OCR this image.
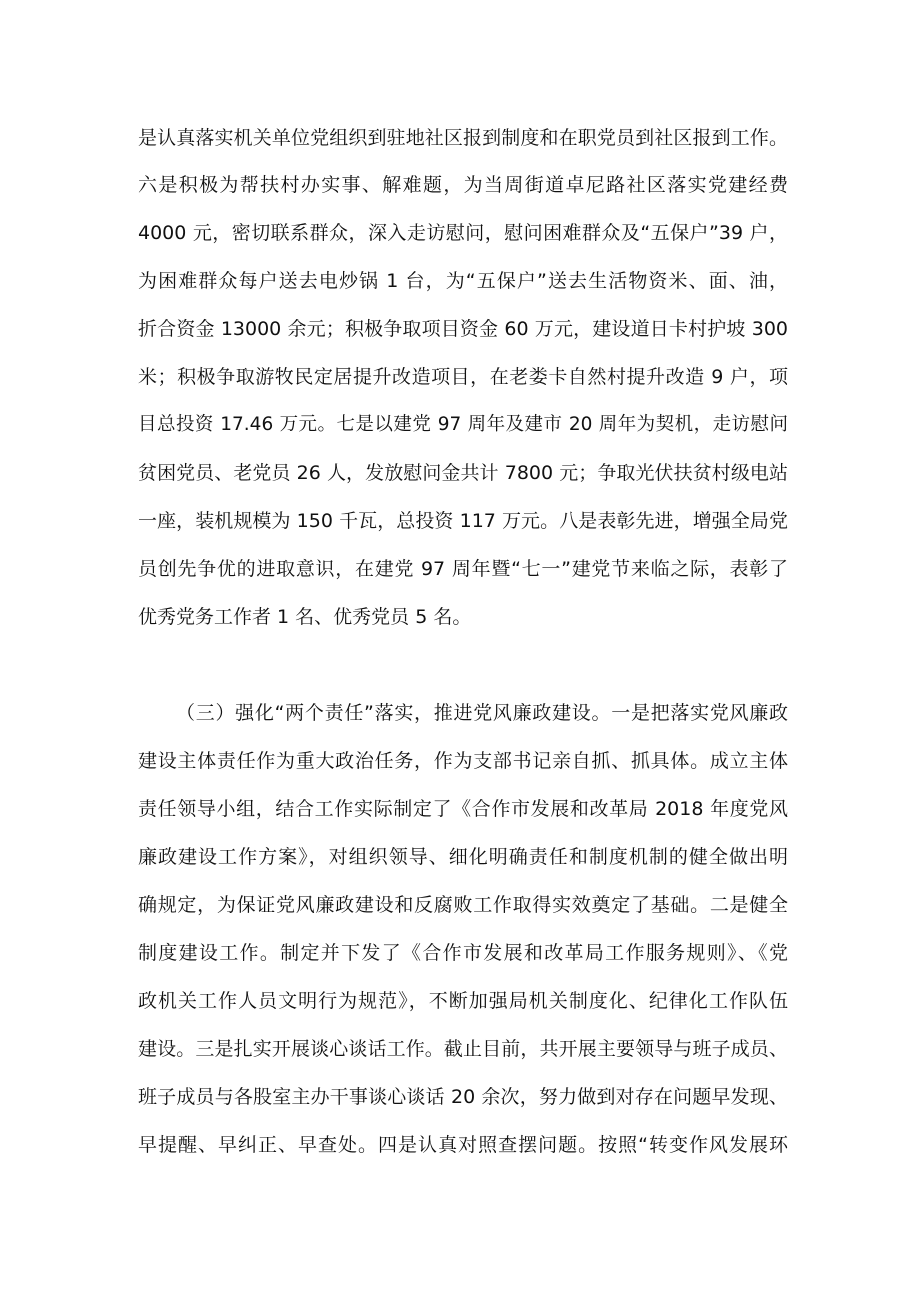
是认真落实机关单位党组织到驻地社区报到制度和在职党员到社区报到工作。
六是积极为帮扶村办实事、解难题，为当周街道卓尼路社区落实党建经费
4000 元，密切联系群众，深入走访慰问，慰问困难群众及“五保户”39 户，
为困难群众每户送去电炒锅 1 台，为“五保户”送去生活物资米、面、油，
折合资金 13000 余元；积极争取项目资金 60 万元，建设道日卡村护坡 300
米；积极争取游牧民定居提升改造项目，在老娄卡自然村提升改造 9 户，项
目总投资 17.46 万元。七是以建党 97 周年及建市 20 周年为契机，走访慰问
贫困党员、老党员 26 人，发放慰问金共计 7800 元；争取光伏扶贫村级电站
一座，装机规模为 150 千瓦，总投资 117 万元。八是表彰先进，增强全局党
员创先争优的进取意识，在建党 97 周年暨“七一”建党节来临之际，表彰了
优秀党务工作者 1 名、优秀党员 5 名。
（三）强化“两个责任”落实，推进党风廉政建设。一是把落实党风廉政
建设主体责任作为重大政治任务，作为支部书记亲自抓、抓具体。成立主体
责任领导小组，结合工作实际制定了《合作市发展和改革局 2018 年度党风
廉政建设工作方案》，对组织领导、细化明确责任和制度机制的健全做出明
确规定，为保证党风廉政建设和反腐败工作取得实效奠定了基础。二是健全
制度建设工作。制定并下发了《合作市发展和改革局工作服务规则》、《党
政机关工作人员文明行为规范》，不断加强局机关制度化、纪律化工作队伍
建设。三是扎实开展谈心谈话工作。截止目前，共开展主要领导与班子成员、
班子成员与各股室主办干事谈心谈话 20 余次，努力做到对存在问题早发现、
早提醒、早纠正、早查处。四是认真对照查摆问题。按照“转变作风发展环
